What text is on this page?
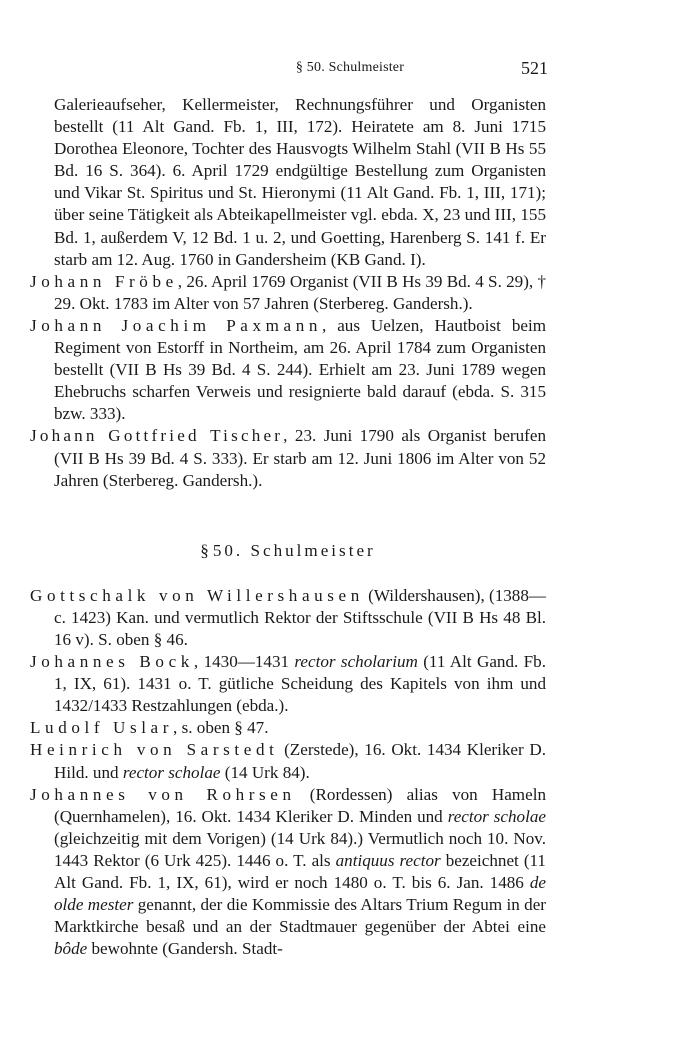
§ 50. Schulmeister	521

Galerieaufseher, Kellermeister, Rechnungsführer und Organisten bestellt (11 Alt Gand. Fb. 1, III, 172). Heiratete am 8. Juni 1715 Dorothea Eleonore, Tochter des Hausvogts Wilhelm Stahl (VII B Hs 55 Bd. 16 S. 364). 6. April 1729 endgültige Bestellung zum Organisten und Vikar St. Spiritus und St. Hieronymi (11 Alt Gand. Fb. 1, III, 171); über seine Tätigkeit als Abteikapellmeister vgl. ebda. X, 23 und III, 155 Bd. 1, außerdem V, 12 Bd. 1 u. 2, und Goetting, Harenberg S. 141 f. Er starb am 12. Aug. 1760 in Gandersheim (KB Gand. I).

Johann Fröbe, 26. April 1769 Organist (VII B Hs 39 Bd. 4 S. 29), † 29. Okt. 1783 im Alter von 57 Jahren (Sterbereg. Gandersh.).

Johann Joachim Paxmann, aus Uelzen, Hautboist beim Regiment von Estorff in Northeim, am 26. April 1784 zum Organisten bestellt (VII B Hs 39 Bd. 4 S. 244). Erhielt am 23. Juni 1789 wegen Ehebruchs scharfen Verweis und resignierte bald darauf (ebda. S. 315 bzw. 333).

Johann Gottfried Tischer, 23. Juni 1790 als Organist berufen (VII B Hs 39 Bd. 4 S. 333). Er starb am 12. Juni 1806 im Alter von 52 Jahren (Sterbereg. Gandersh.).

§ 50. Schulmeister

Gottschalk von Willershausen (Wildershausen), (1388—c. 1423) Kan. und vermutlich Rektor der Stiftsschule (VII B Hs 48 Bl. 16 v). S. oben § 46.

Johannes Bock, 1430—1431 rector scholarium (11 Alt Gand. Fb. 1, IX, 61). 1431 o. T. gütliche Scheidung des Kapitels von ihm und 1432/1433 Restzahlungen (ebda.).

Ludolf Uslar, s. oben § 47.

Heinrich von Sarstedt (Zerstede), 16. Okt. 1434 Kleriker D. Hild. und rector scholae (14 Urk 84).

Johannes von Rohrsen (Rordessen) alias von Hameln (Quernhamelen), 16. Okt. 1434 Kleriker D. Minden und rector scholae (gleichzeitig mit dem Vorigen) (14 Urk 84).) Vermutlich noch 10. Nov. 1443 Rektor (6 Urk 425). 1446 o. T. als antiquus rector bezeichnet (11 Alt Gand. Fb. 1, IX, 61), wird er noch 1480 o. T. bis 6. Jan. 1486 de olde mester genannt, der die Kommissie des Altars Trium Regum in der Marktkirche besaß und an der Stadtmauer gegenüber der Abtei eine bôde bewohnte (Gandersh. Stadt-
